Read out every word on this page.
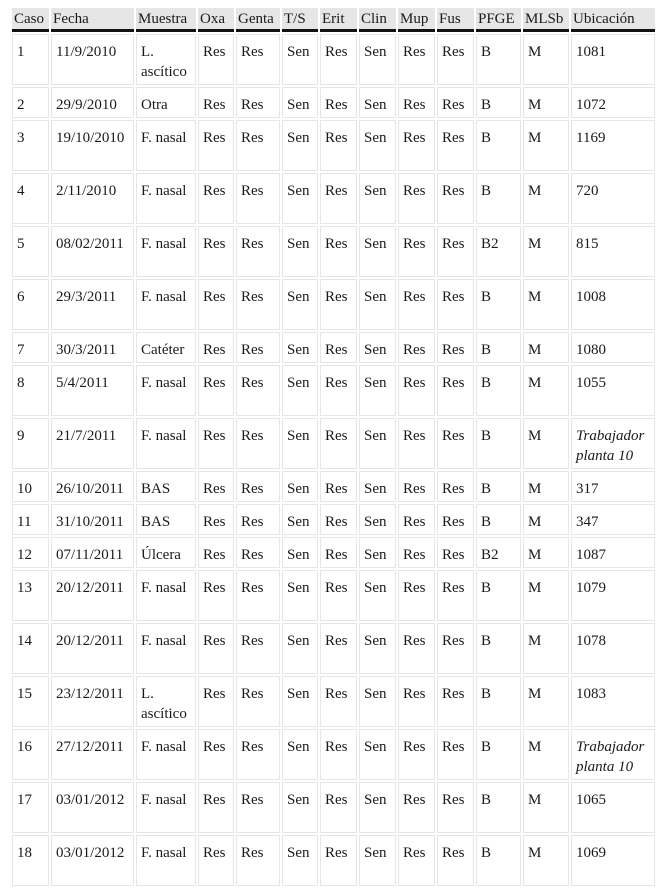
Caso	Fecha	Muestra	Oxa	Genta	T/S	Erit	Clin	Mup	Fus	PFGE	MLSb	Ubicación
1	11/9/2010	L. ascítico	Res	Res	Sen	Res	Sen	Res	Res	B	M	1081
2	29/9/2010	Otra	Res	Res	Sen	Res	Sen	Res	Res	B	M	1072
3	19/10/2010	F. nasal	Res	Res	Sen	Res	Sen	Res	Res	B	M	1169
4	2/11/2010	F. nasal	Res	Res	Sen	Res	Sen	Res	Res	B	M	720
5	08/02/2011	F. nasal	Res	Res	Sen	Res	Sen	Res	Res	B2	M	815
6	29/3/2011	F. nasal	Res	Res	Sen	Res	Sen	Res	Res	B	M	1008
7	30/3/2011	Catéter	Res	Res	Sen	Res	Sen	Res	Res	B	M	1080
8	5/4/2011	F. nasal	Res	Res	Sen	Res	Sen	Res	Res	B	M	1055
9	21/7/2011	F. nasal	Res	Res	Sen	Res	Sen	Res	Res	B	M	Trabajador planta 10
10	26/10/2011	BAS	Res	Res	Sen	Res	Sen	Res	Res	B	M	317
11	31/10/2011	BAS	Res	Res	Sen	Res	Sen	Res	Res	B	M	347
12	07/11/2011	Úlcera	Res	Res	Sen	Res	Sen	Res	Res	B2	M	1087
13	20/12/2011	F. nasal	Res	Res	Sen	Res	Sen	Res	Res	B	M	1079
14	20/12/2011	F. nasal	Res	Res	Sen	Res	Sen	Res	Res	B	M	1078
15	23/12/2011	L. ascítico	Res	Res	Sen	Res	Sen	Res	Res	B	M	1083
16	27/12/2011	F. nasal	Res	Res	Sen	Res	Sen	Res	Res	B	M	Trabajador planta 10
17	03/01/2012	F. nasal	Res	Res	Sen	Res	Sen	Res	Res	B	M	1065
18	03/01/2012	F. nasal	Res	Res	Sen	Res	Sen	Res	Res	B	M	1069
